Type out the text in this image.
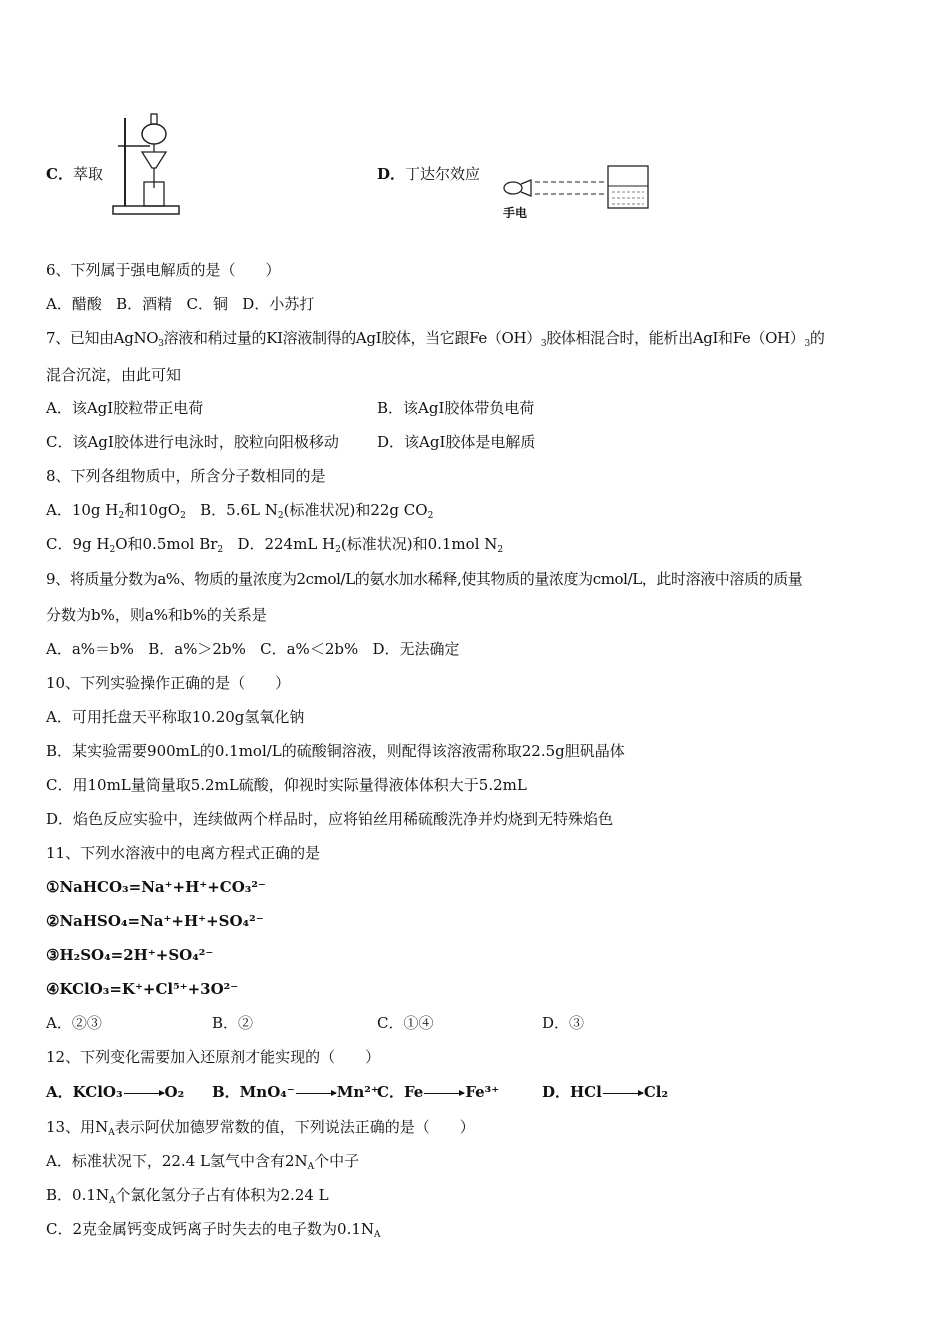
C．萃取	D．丁达尔效应
手电
6、下列属于强电解质的是（　　）
A．醋酸 B．酒精 C．铜 D．小苏打
7、已知由AgNO$_3$溶液和稍过量的KI溶液制得的AgI胶体，当它跟$Fe(OH)_3$胶体相混合时，能析出AgI和$Fe(OH)_3$的
混合沉淀，由此可知
A．该AgI胶粒带正电荷	B．该AgI胶体带负电荷
C．该AgI胶体进行电泳时，胶粒向阳极移动	D．该AgI胶体是电解质
8、下列各组物质中，所含分子数相同的是
A．10g $H_2$和$10gO_2$ B．5.6L $N_2$(标准状况)和22g $CO_2$
C．9g $H_2O$和0.5mol $Br_2$ D．224mL $H_2$(标准状况)和0.1mol $N_2$
9、将质量分数为a%、物质的量浓度为2cmol/L的氨水加水稀释,使其物质的量浓度为cmol/L，此时溶液中溶质的质量
分数为b%，则a%和b%的关系是
A．a%＝b% B．a%＞2b% C．a%＜2b% D．无法确定
10、下列实验操作正确的是（　　）
A．可用托盘天平称取10.20g氢氧化钠
B．某实验需要900mL的0.1mol/L的硫酸铜溶液，则配得该溶液需称取22.5g胆矾晶体
C．用10mL量筒量取5.2mL硫酸，仰视时实际量得液体体积大于5.2mL
D．焰色反应实验中，连续做两个样品时，应将铂丝用稀硫酸洗净并灼烧到无特殊焰色
11、下列水溶液中的电离方程式正确的是
①NaHCO₃=Na⁺+H⁺+CO₃²⁻
②NaHSO₄=Na⁺+H⁺+SO₄²⁻
③H₂SO₄=2H⁺+SO₄²⁻
④KClO₃=K⁺+Cl⁵⁺+3O²⁻
A．②③	B．②	C．①④	D．③
12、下列变化需要加入还原剂才能实现的（　　）
A．KClO₃	O₂ B．MnO₄⁻	Mn²⁺
C．Fe	Fe³⁺	D．HCl	Cl₂
13、用$N_A$表示阿伏加德罗常数的值，下列说法正确的是（　　）
A．标准状况下，22.4 L氢气中含有$2N_A$个中子
B．$0.1N_A$个氯化氢分子占有体积为2.24 L
C．2克金属钙变成钙离子时失去的电子数为$0.1N_A$
